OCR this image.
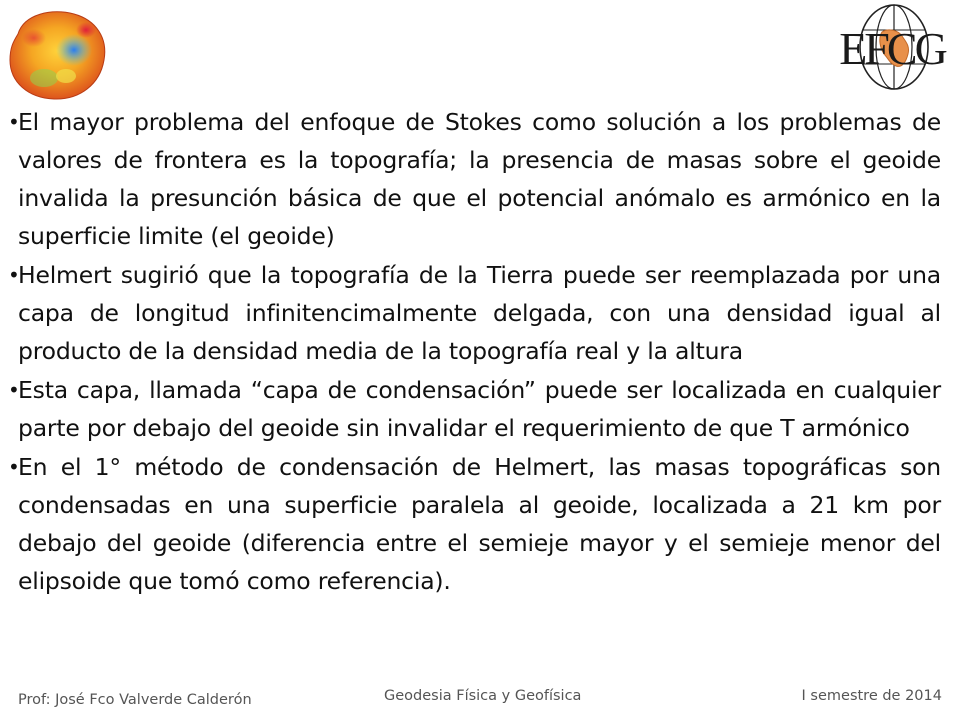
EFCG
•
El mayor problema del enfoque de Stokes como solución a los problemas de valores de frontera es la topografía; la presencia de masas sobre el geoide invalida la presunción básica de que el potencial anómalo es armónico en la superficie limite (el geoide)
•
Helmert sugirió que la topografía de la Tierra puede ser reemplazada por una capa de longitud infinitencimalmente delgada, con una densidad igual al producto de la densidad media de la topografía real y la altura
•
Esta capa, llamada “capa de condensación” puede ser localizada en cualquier parte por debajo del geoide sin invalidar el requerimiento de que T armónico
•
En el 1° método de condensación de Helmert, las masas topográficas son condensadas en una superficie paralela al geoide, localizada a 21 km por debajo del geoide (diferencia entre el semieje mayor y el semieje menor del elipsoide que tomó como referencia).
Prof: José Fco Valverde Calderón	Geodesia Física y Geofísica	I semestre de 2014
